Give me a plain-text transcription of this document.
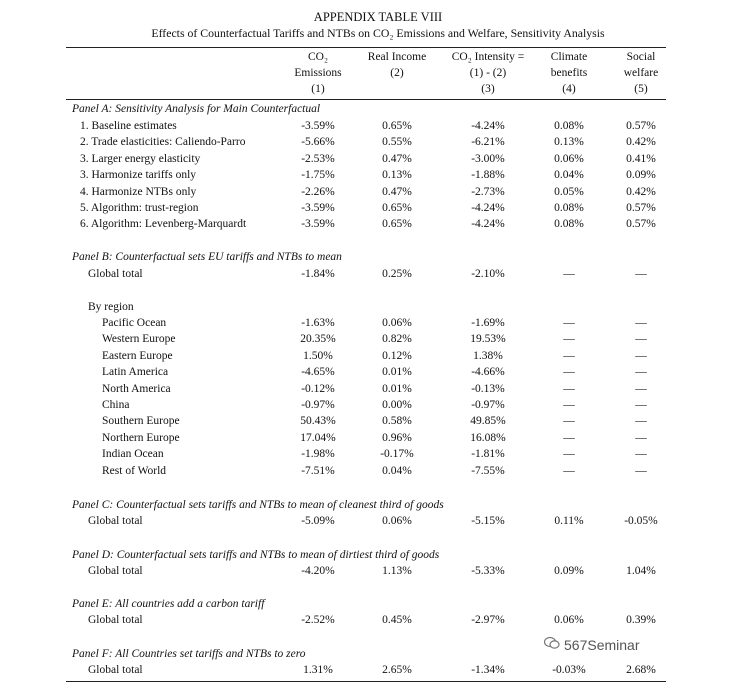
APPENDIX TABLE VIII
Effects of Counterfactual Tariffs and NTBs on CO₂ Emissions and Welfare, Sensitivity Analysis
CO₂
Emissions
(1)
Real Income
(2)
CO₂ Intensity =
(1) - (2)
(3)
Climate
benefits
(4)
Social
welfare
(5)
Panel A: Sensitivity Analysis for Main Counterfactual
1. Baseline estimates	-3.59%	0.65%	-4.24%	0.08%	0.57%
2. Trade elasticities: Caliendo-Parro	-5.66%	0.55%	-6.21%	0.13%	0.42%
3. Larger energy elasticity	-2.53%	0.47%	-3.00%	0.06%	0.41%
3. Harmonize tariffs only	-1.75%	0.13%	-1.88%	0.04%	0.09%
4. Harmonize NTBs only	-2.26%	0.47%	-2.73%	0.05%	0.42%
5. Algorithm: trust-region	-3.59%	0.65%	-4.24%	0.08%	0.57%
6. Algorithm: Levenberg-Marquardt	-3.59%	0.65%	-4.24%	0.08%	0.57%
Panel B: Counterfactual sets EU tariffs and NTBs to mean
Global total	-1.84%	0.25%	-2.10%	—	—
By region
Pacific Ocean	-1.63%	0.06%	-1.69%	—	—
Western Europe	20.35%	0.82%	19.53%	—	—
Eastern Europe	1.50%	0.12%	1.38%	—	—
Latin America	-4.65%	0.01%	-4.66%	—	—
North America	-0.12%	0.01%	-0.13%	—	—
China	-0.97%	0.00%	-0.97%	—	—
Southern Europe	50.43%	0.58%	49.85%	—	—
Northern Europe	17.04%	0.96%	16.08%	—	—
Indian Ocean	-1.98%	-0.17%	-1.81%	—	—
Rest of World	-7.51%	0.04%	-7.55%	—	—
Panel C: Counterfactual sets tariffs and NTBs to mean of cleanest third of goods
Global total	-5.09%	0.06%	-5.15%	0.11%	-0.05%
Panel D: Counterfactual sets tariffs and NTBs to mean of dirtiest third of goods
Global total	-4.20%	1.13%	-5.33%	0.09%	1.04%
Panel E: All countries add a carbon tariff
Global total	-2.52%	0.45%	-2.97%	0.06%	0.39%
Panel F: All Countries set tariffs and NTBs to zero
Global total	1.31%	2.65%	-1.34%	-0.03%	2.68%
567Seminar
